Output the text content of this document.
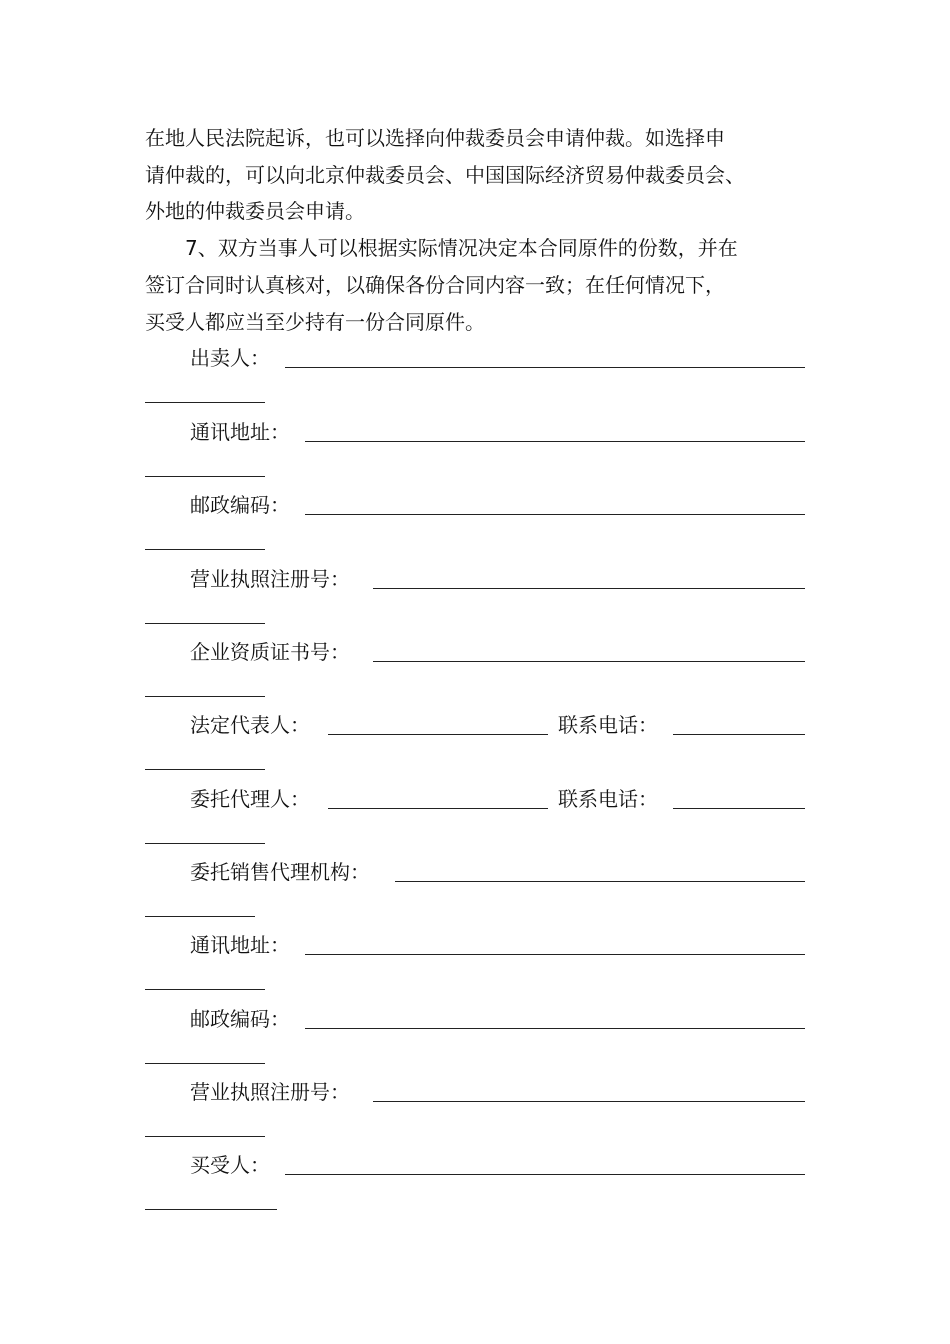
在地人民法院起诉，也可以选择向仲裁委员会申请仲裁。如选择申
请仲裁的，可以向北京仲裁委员会、中国国际经济贸易仲裁委员会、
外地的仲裁委员会申请。
　　7、双方当事人可以根据实际情况决定本合同原件的份数，并在
签订合同时认真核对，以确保各份合同内容一致；在任何情况下，
买受人都应当至少持有一份合同原件。
出卖人：
通讯地址：
邮政编码：
营业执照注册号：
企业资质证书号：
法定代表人：	联系电话：
委托代理人：	联系电话：
委托销售代理机构：
通讯地址：
邮政编码：
营业执照注册号：
买受人：
